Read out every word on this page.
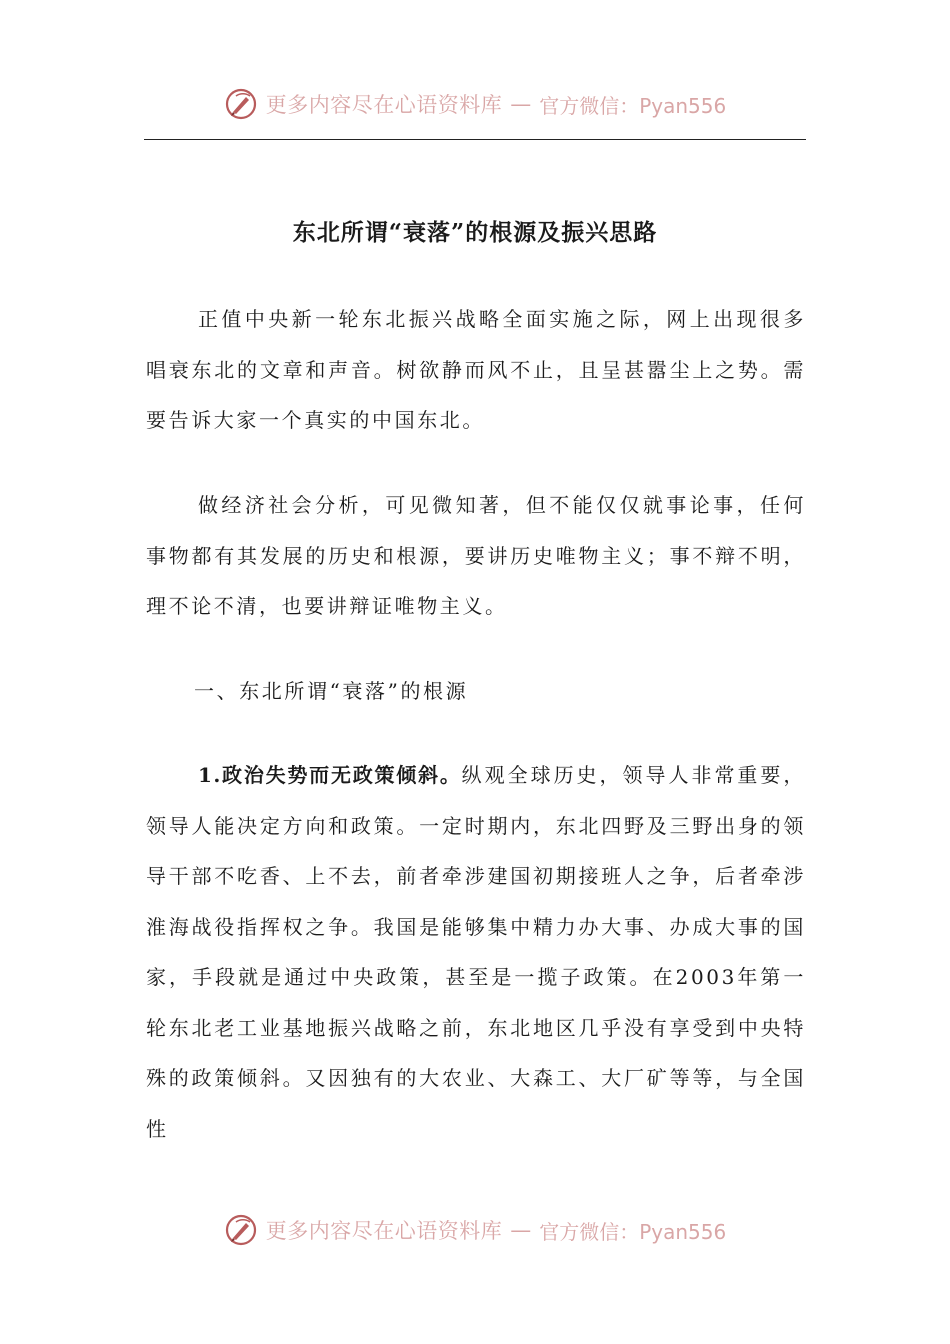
更多内容尽在心语资料库 — 官方微信：Pyan556
东北所谓“衰落”的根源及振兴思路

正值中央新一轮东北振兴战略全面实施之际，网上出现很多唱衰东北的文章和声音。树欲静而风不止，且呈甚嚣尘上之势。需要告诉大家一个真实的中国东北。

做经济社会分析，可见微知著，但不能仅仅就事论事，任何事物都有其发展的历史和根源，要讲历史唯物主义；事不辩不明，理不论不清，也要讲辩证唯物主义。

一、东北所谓“衰落”的根源

1.政治失势而无政策倾斜。纵观全球历史，领导人非常重要，领导人能决定方向和政策。一定时期内，东北四野及三野出身的领导干部不吃香、上不去，前者牵涉建国初期接班人之争，后者牵涉淮海战役指挥权之争。我国是能够集中精力办大事、办成大事的国家，手段就是通过中央政策，甚至是一揽子政策。在2003年第一轮东北老工业基地振兴战略之前，东北地区几乎没有享受到中央特殊的政策倾斜。又因独有的大农业、大森工、大厂矿等等，与全国性

更多内容尽在心语资料库 — 官方微信：Pyan556
